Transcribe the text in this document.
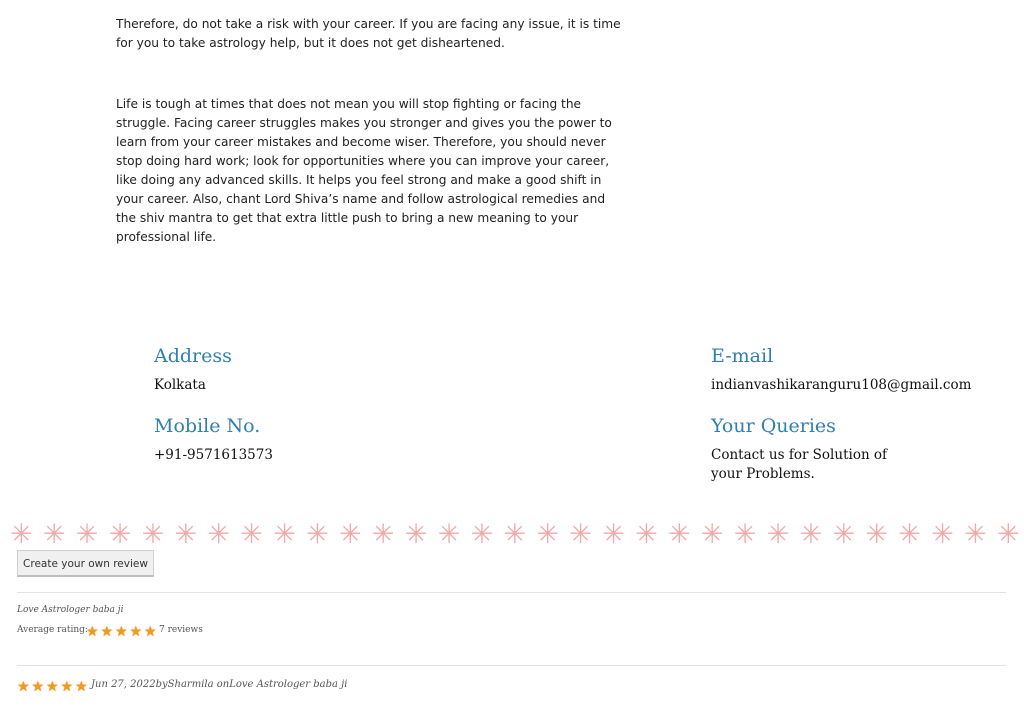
Therefore, do not take a risk with your career. If you are facing any issue, it is time for you to take astrology help, but it does not get disheartened.

Life is tough at times that does not mean you will stop fighting or facing the struggle. Facing career struggles makes you stronger and gives you the power to learn from your career mistakes and become wiser. Therefore, you should never stop doing hard work; look for opportunities where you can improve your career, like doing any advanced skills. It helps you feel strong and make a good shift in your career. Also, chant Lord Shiva’s name and follow astrological remedies and the shiv mantra to get that extra little push to bring a new meaning to your professional life.

Address
Kolkata
Mobile No.
+91-9571613573
E-mail
indianvashikaranguru108@gmail.com
Your Queries
Contact us for Solution of
your Problems.
✳ ✳ ✳ ✳ ✳ ✳ ✳ ✳ ✳ ✳ ✳ ✳ ✳ ✳ ✳ ✳ ✳ ✳ ✳ ✳ ✳ ✳ ✳ ✳ ✳ ✳ ✳ ✳ ✳ ✳ ✳
Create your own review
Love Astrologer baba ji
Average rating:
★ ★ ★ ★ ★ 7 reviews
★ ★ ★ ★ ★ Jun 27, 2022bySharmila onLove Astrologer baba ji
